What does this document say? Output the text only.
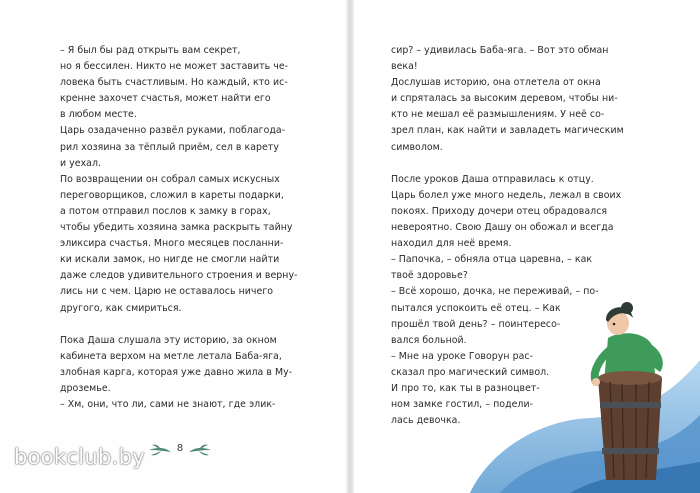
– Я был бы рад открыть вам секрет,
но я бессилен. Никто не может заставить че-
ловека быть счастливым. Но каждый, кто ис-
кренне захочет счастья, может найти его
в любом месте.
Царь озадаченно развёл руками, поблагода-
рил хозяина за тёплый приём, сел в карету
и уехал.
По возвращении он собрал самых искусных
переговорщиков, сложил в кареты подарки,
а потом отправил послов к замку в горах,
чтобы убедить хозяина замка раскрыть тайну
эликсира счастья. Много месяцев посланни-
ки искали замок, но нигде не смогли найти
даже следов удивительного строения и верну-
лись ни с чем. Царю не оставалось ничего
другого, как смириться.
Пока Даша слушала эту историю, за окном
кабинета верхом на метле летала Баба-яга,
злобная карга, которая уже давно жила в Му-
дроземье.
– Хм, они, что ли, сами не знают, где элик-
8
сир? – удивилась Баба-яга. – Вот это обман
века!
Дослушав историю, она отлетела от окна
и спряталась за высоким деревом, чтобы ни-
кто не мешал её размышлениям. У неё со-
зрел план, как найти и завладеть магическим
символом.
После уроков Даша отправилась к отцу.
Царь болел уже много недель, лежал в своих
покоях. Приходу дочери отец обрадовался
невероятно. Свою Дашу он обожал и всегда
находил для неё время.
– Папочка, – обняла отца царевна, – как
твоё здоровье?
– Всё хорошо, дочка, не переживай, – по-
пытался успокоить её отец. – Как
прошёл твой день? – поинтересо-
вался больной.
– Мне на уроке Говорун рас-
сказал про магический символ.
И про то, как ты в разноцвет-
ном замке гостил, – подели-
лась девочка.
bookclub.by
